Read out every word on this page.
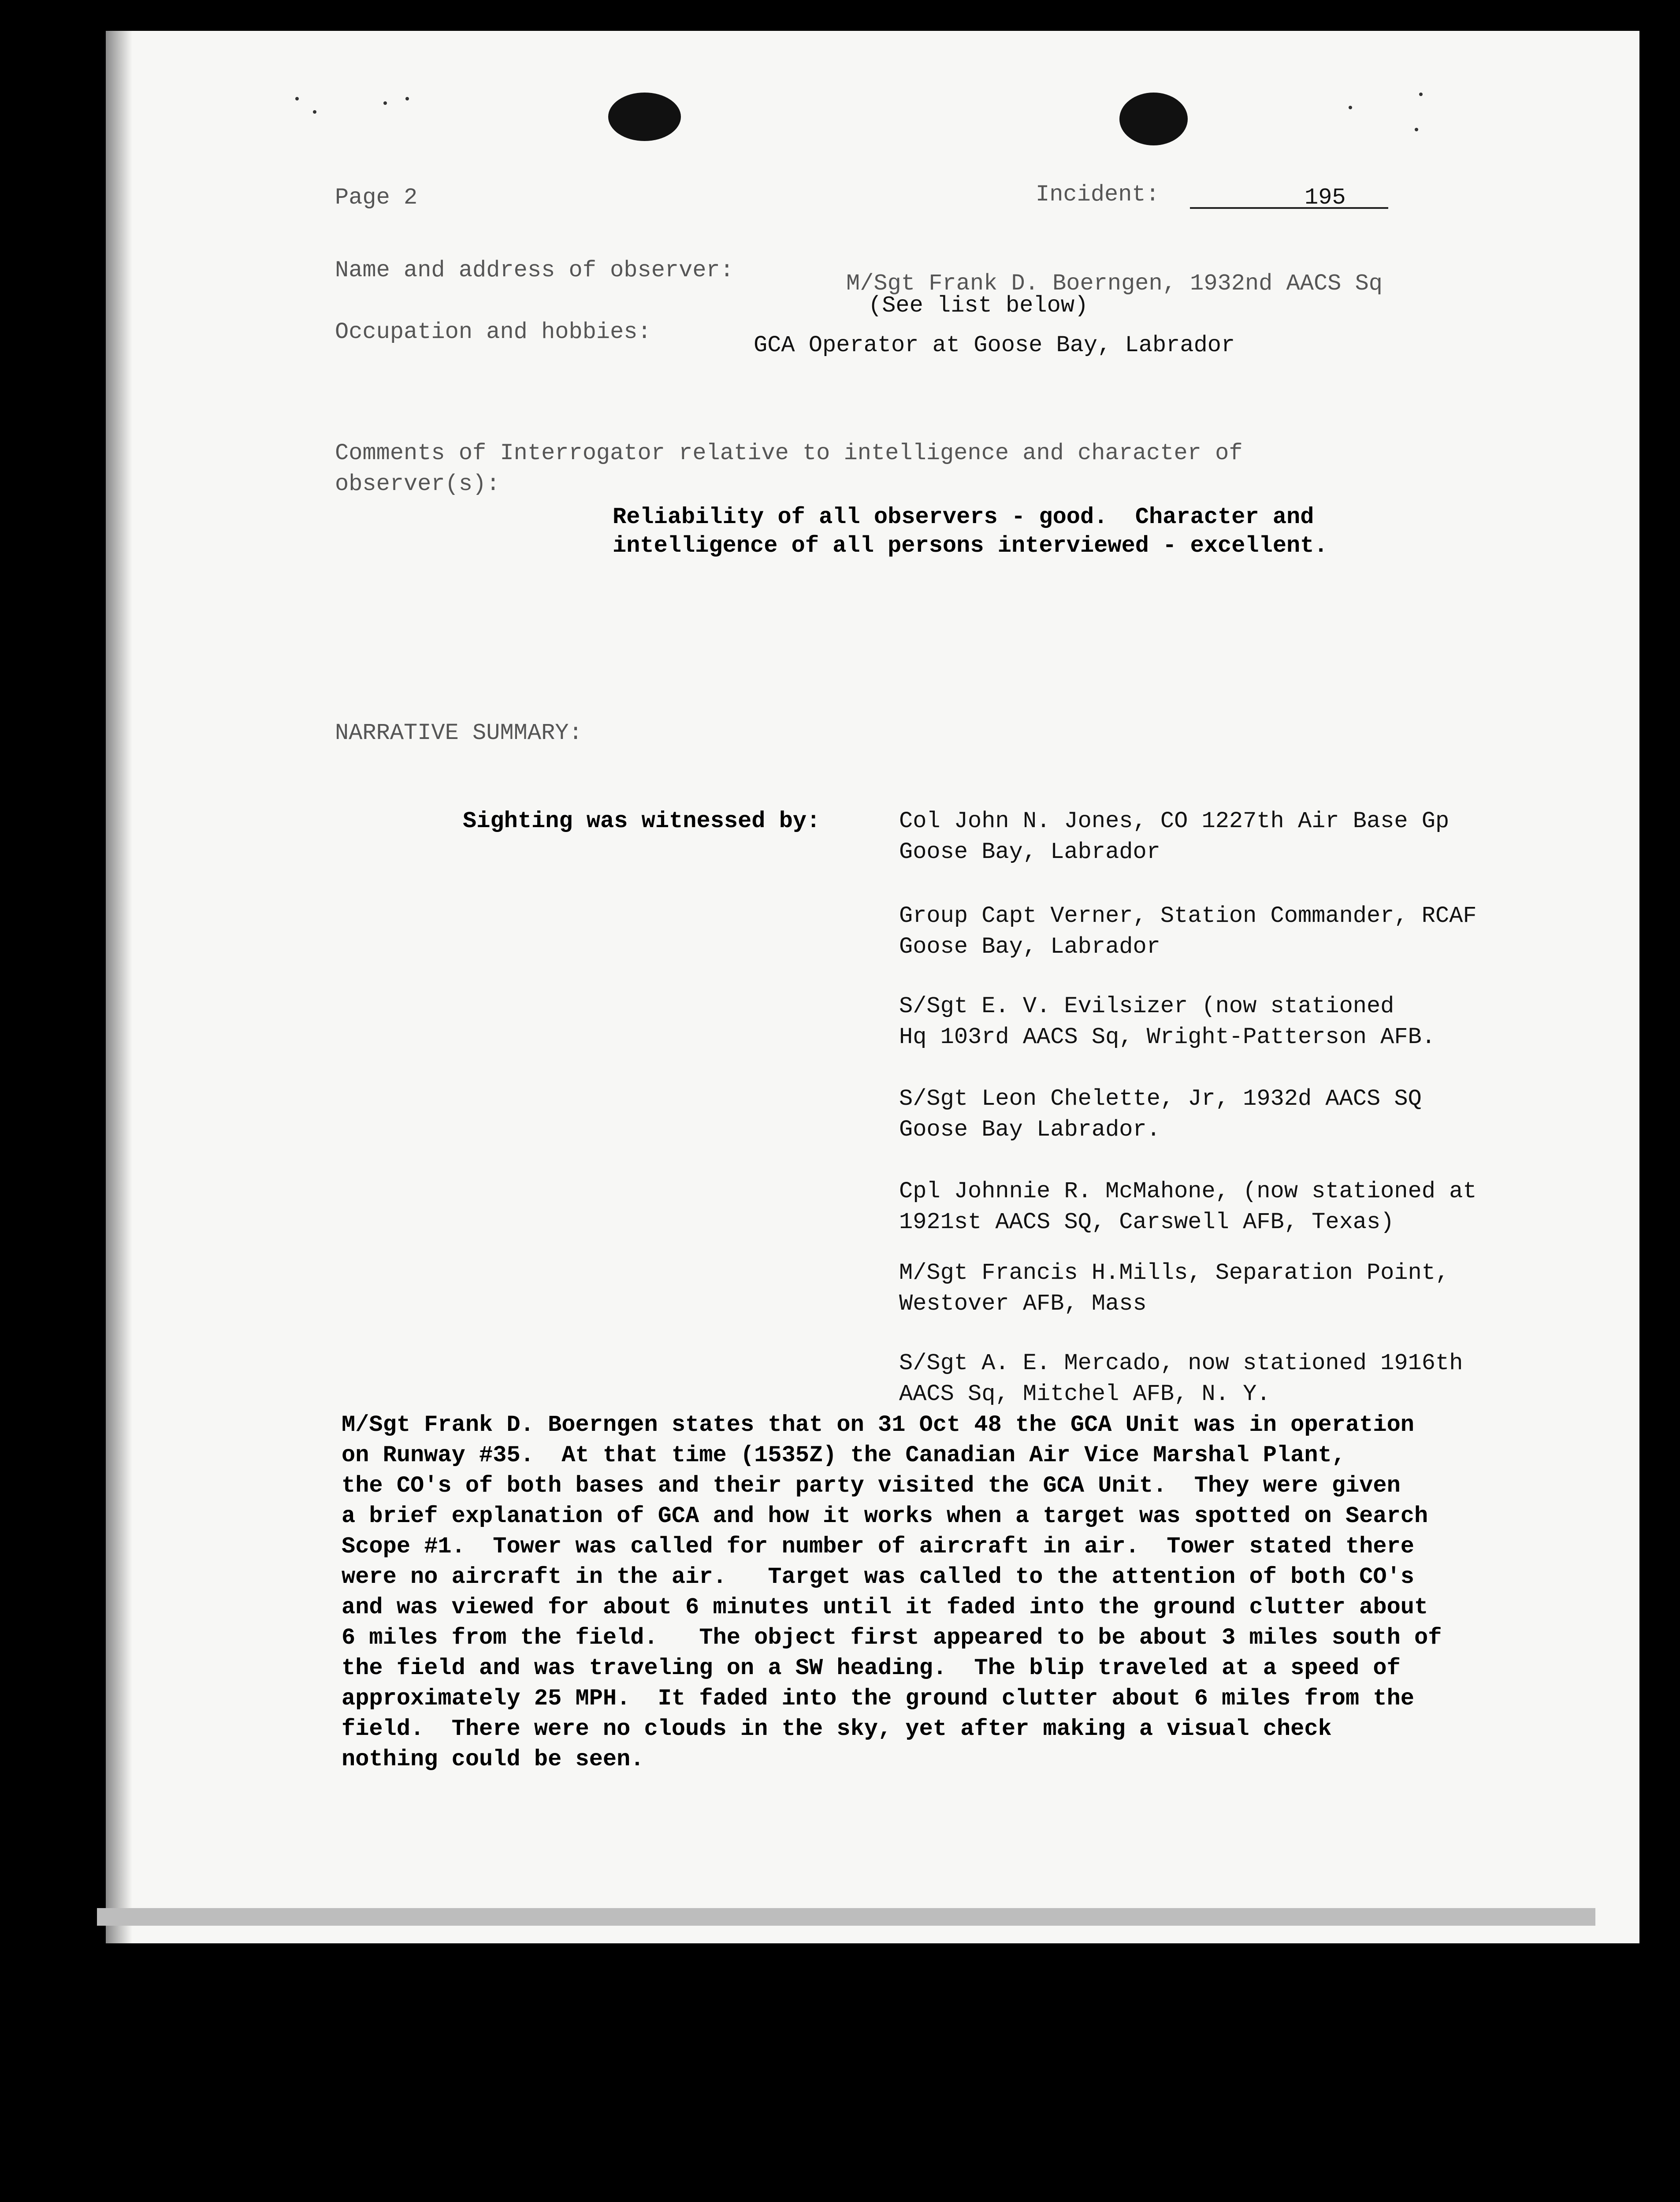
Page 2	Incident:	195
Name and address of observer:
M/Sgt Frank D. Boerngen, 1932nd AACS Sq
(See list below)
Occupation and hobbies:
GCA Operator at Goose Bay, Labrador
Comments of Interrogator relative to intelligence and character of
observer(s):
Reliability of all observers - good.  Character and
intelligence of all persons interviewed - excellent.
NARRATIVE SUMMARY:
Sighting was witnessed by:	Col John N. Jones, CO 1227th Air Base Gp
Goose Bay, Labrador
Group Capt Verner, Station Commander, RCAF
Goose Bay, Labrador
S/Sgt E. V. Evilsizer (now stationed
Hq 103rd AACS Sq, Wright-Patterson AFB.
S/Sgt Leon Chelette, Jr, 1932d AACS SQ
Goose Bay Labrador.
Cpl Johnnie R. McMahone, (now stationed at
1921st AACS SQ, Carswell AFB, Texas)
M/Sgt Francis H.Mills, Separation Point,
Westover AFB, Mass
S/Sgt A. E. Mercado, now stationed 1916th
AACS Sq, Mitchel AFB, N. Y.
M/Sgt Frank D. Boerngen states that on 31 Oct 48 the GCA Unit was in operation
on Runway #35.  At that time (1535Z) the Canadian Air Vice Marshal Plant,
the CO's of both bases and their party visited the GCA Unit.  They were given
a brief explanation of GCA and how it works when a target was spotted on Search
Scope #1.  Tower was called for number of aircraft in air.  Tower stated there
were no aircraft in the air.   Target was called to the attention of both CO's
and was viewed for about 6 minutes until it faded into the ground clutter about
6 miles from the field.   The object first appeared to be about 3 miles south of
the field and was traveling on a SW heading.  The blip traveled at a speed of
approximately 25 MPH.  It faded into the ground clutter about 6 miles from the
field.  There were no clouds in the sky, yet after making a visual check
nothing could be seen.
